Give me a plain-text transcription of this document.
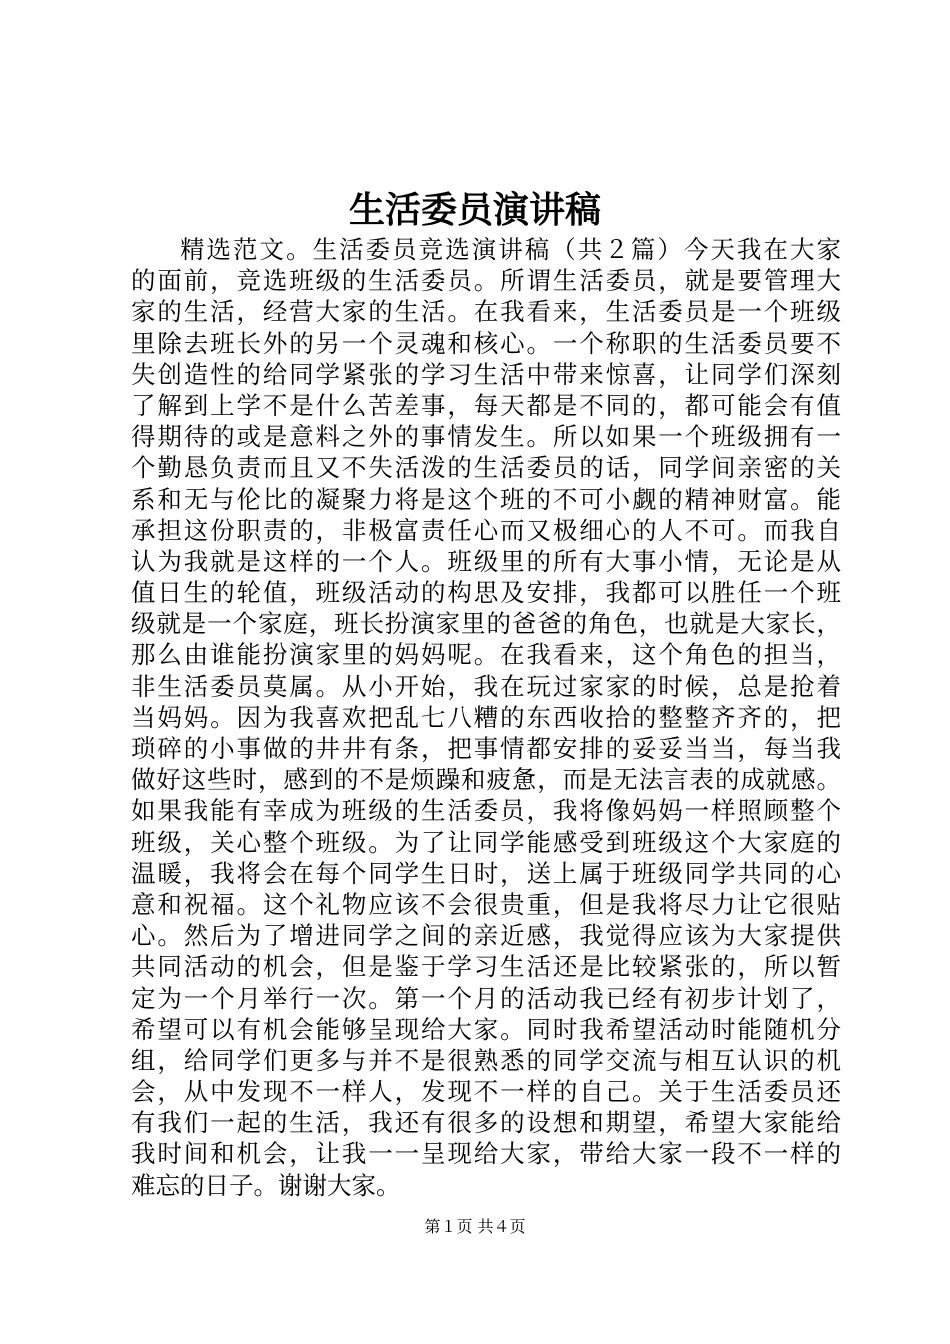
生活委员演讲稿
精选范文。生活委员竞选演讲稿（共２篇）今天我在大家
的面前，竞选班级的生活委员。所谓生活委员，就是要管理大
家的生活，经营大家的生活。在我看来，生活委员是一个班级
里除去班长外的另一个灵魂和核心。一个称职的生活委员要不
失创造性的给同学紧张的学习生活中带来惊喜，让同学们深刻
了解到上学不是什么苦差事，每天都是不同的，都可能会有值
得期待的或是意料之外的事情发生。所以如果一个班级拥有一
个勤恳负责而且又不失活泼的生活委员的话，同学间亲密的关
系和无与伦比的凝聚力将是这个班的不可小觑的精神财富。能
承担这份职责的，非极富责任心而又极细心的人不可。而我自
认为我就是这样的一个人。班级里的所有大事小情，无论是从
值日生的轮值，班级活动的构思及安排，我都可以胜任一个班
级就是一个家庭，班长扮演家里的爸爸的角色，也就是大家长，
那么由谁能扮演家里的妈妈呢。在我看来，这个角色的担当，
非生活委员莫属。从小开始，我在玩过家家的时候，总是抢着
当妈妈。因为我喜欢把乱七八糟的东西收拾的整整齐齐的，把
琐碎的小事做的井井有条，把事情都安排的妥妥当当，每当我
做好这些时，感到的不是烦躁和疲惫，而是无法言表的成就感。
如果我能有幸成为班级的生活委员，我将像妈妈一样照顾整个
班级，关心整个班级。为了让同学能感受到班级这个大家庭的
温暖，我将会在每个同学生日时，送上属于班级同学共同的心
意和祝福。这个礼物应该不会很贵重，但是我将尽力让它很贴
心。然后为了增进同学之间的亲近感，我觉得应该为大家提供
共同活动的机会，但是鉴于学习生活还是比较紧张的，所以暂
定为一个月举行一次。第一个月的活动我已经有初步计划了，
希望可以有机会能够呈现给大家。同时我希望活动时能随机分
组，给同学们更多与并不是很熟悉的同学交流与相互认识的机
会，从中发现不一样人，发现不一样的自己。关于生活委员还
有我们一起的生活，我还有很多的设想和期望，希望大家能给
我时间和机会，让我一一呈现给大家，带给大家一段不一样的
难忘的日子。谢谢大家。
第１页 共４页
